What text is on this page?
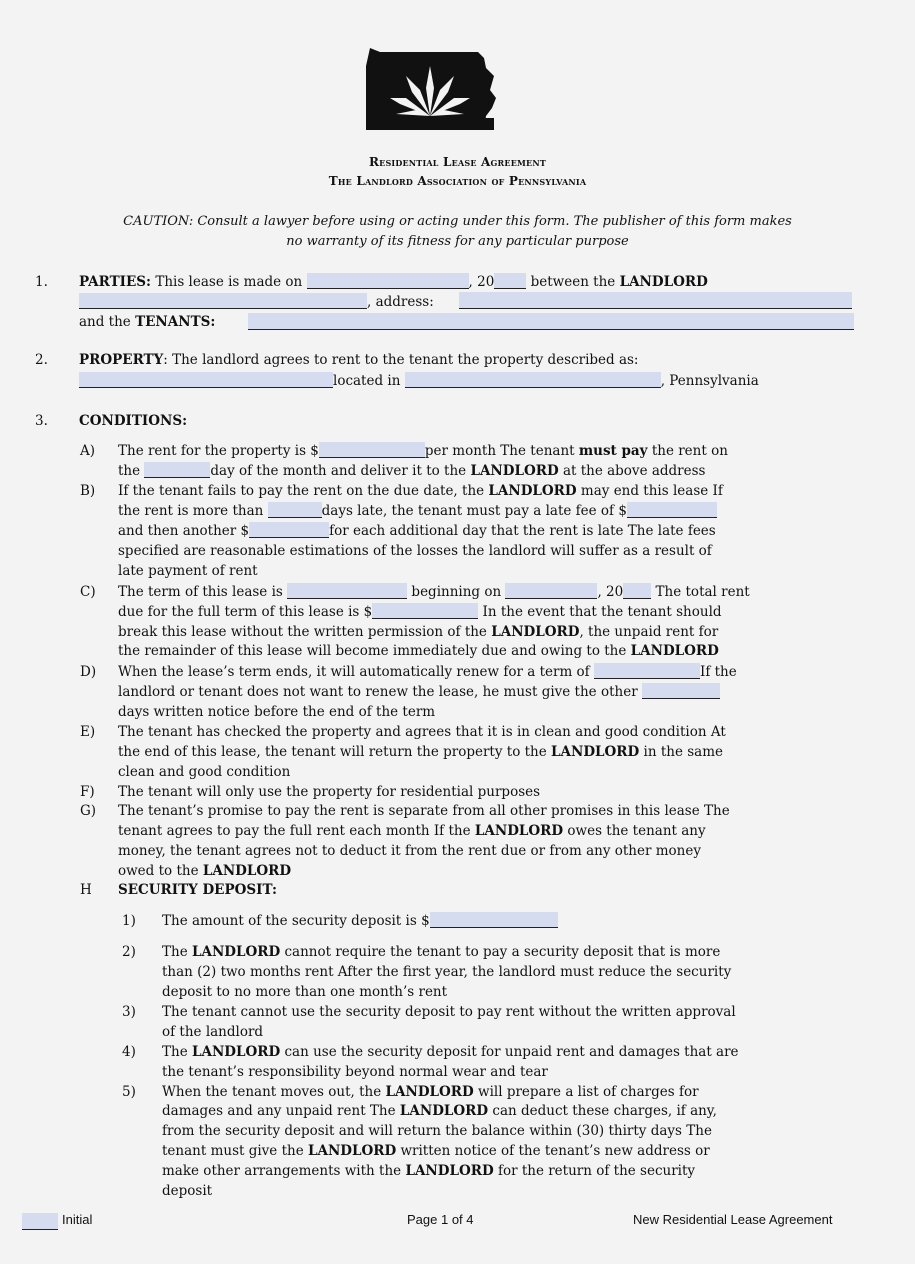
Residential Lease Agreement
The Landlord Association of Pennsylvania
CAUTION: Consult a lawyer before using or acting under this form. The publisher of this form makes
no warranty of its fitness for any particular purpose
1. PARTIES: This lease is made on	, 20	between the LANDLORD
, address:
and the TENANTS:
2. PROPERTY: The landlord agrees to rent to the tenant the property described as:
located in	, Pennsylvania
3. CONDITIONS:
A) The rent for the property is $	per month The tenant must pay the rent on
the	day of the month and deliver it to the LANDLORD at the above address
B) If the tenant fails to pay the rent on the due date, the LANDLORD may end this lease If
the rent is more than	days late, the tenant must pay a late fee of $
and then another $	for each additional day that the rent is late The late fees
specified are reasonable estimations of the losses the landlord will suffer as a result of
late payment of rent
C) The term of this lease is	beginning on	, 20 The total rent
due for the full term of this lease is $	In the event that the tenant should
break this lease without the written permission of the LANDLORD, the unpaid rent for
the remainder of this lease will become immediately due and owing to the LANDLORD
D) When the lease’s term ends, it will automatically renew for a term of	If the
landlord or tenant does not want to renew the lease, he must give the other
days written notice before the end of the term
E) The tenant has checked the property and agrees that it is in clean and good condition At
the end of this lease, the tenant will return the property to the LANDLORD in the same
clean and good condition
F) The tenant will only use the property for residential purposes
G) The tenant’s promise to pay the rent is separate from all other promises in this lease The
tenant agrees to pay the full rent each month If the LANDLORD owes the tenant any
money, the tenant agrees not to deduct it from the rent due or from any other money
owed to the LANDLORD
H SECURITY DEPOSIT:
1) The amount of the security deposit is $
2) The LANDLORD cannot require the tenant to pay a security deposit that is more
than (2) two months rent After the first year, the landlord must reduce the security
deposit to no more than one month’s rent
3) The tenant cannot use the security deposit to pay rent without the written approval
of the landlord
4) The LANDLORD can use the security deposit for unpaid rent and damages that are
the tenant’s responsibility beyond normal wear and tear
5) When the tenant moves out, the LANDLORD will prepare a list of charges for
damages and any unpaid rent The LANDLORD can deduct these charges, if any,
from the security deposit and will return the balance within (30) thirty days The
tenant must give the LANDLORD written notice of the tenant’s new address or
make other arrangements with the LANDLORD for the return of the security
deposit
Initial	Page 1 of 4	New Residential Lease Agreement
